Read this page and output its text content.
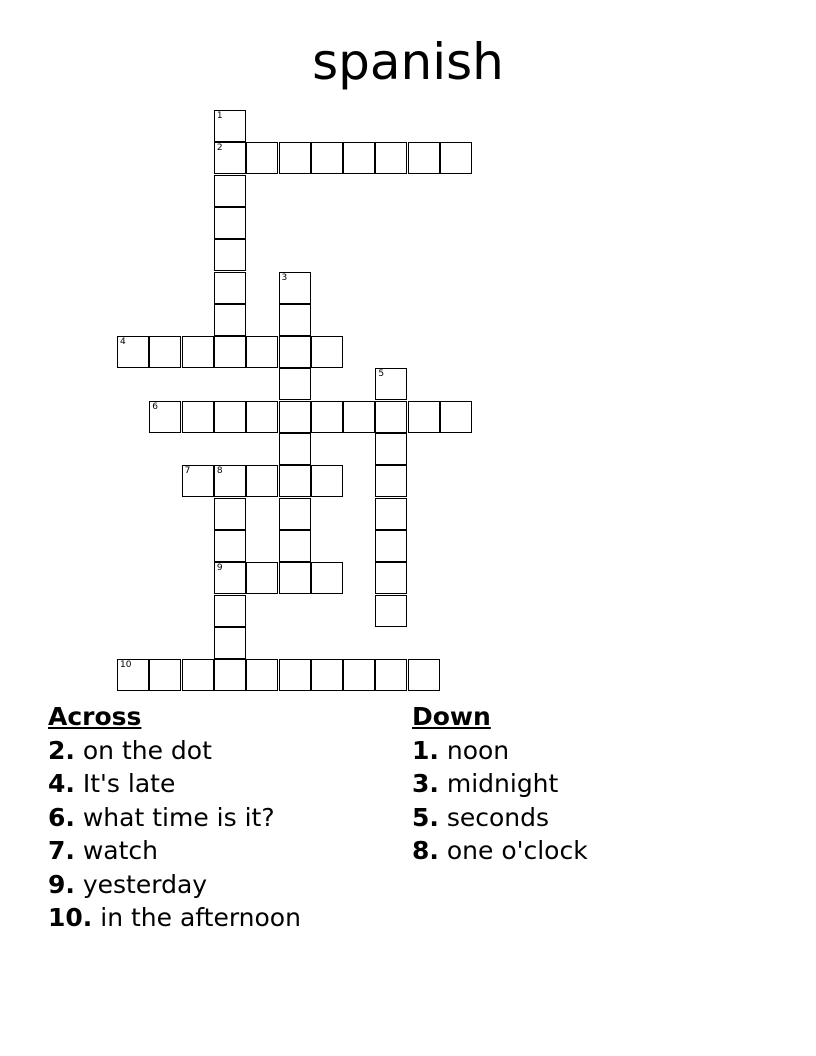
spanish
1
2
3
4
5
6
7	8
9
10
Across
2. on the dot
4. It's late
6. what time is it?
7. watch
9. yesterday
10. in the afternoon
Down
1. noon
3. midnight
5. seconds
8. one o'clock
